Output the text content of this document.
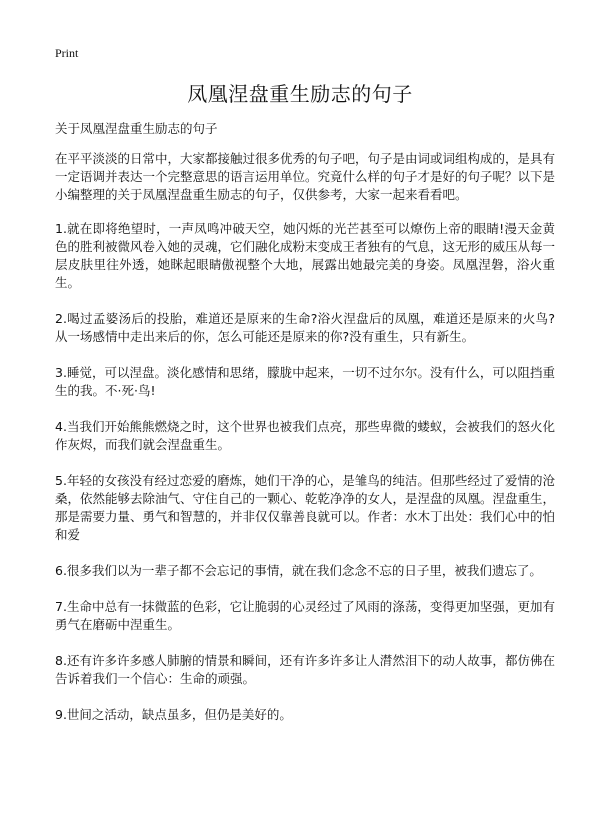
Print
凤凰涅盘重生励志的句子

关于凤凰涅盘重生励志的句子

在平平淡淡的日常中，大家都接触过很多优秀的句子吧，句子是由词或词组构成的，是具有一定语调并表达一个完整意思的语言运用单位。究竟什么样的句子才是好的句子呢？以下是小编整理的关于凤凰涅盘重生励志的句子，仅供参考，大家一起来看看吧。

1.就在即将绝望时，一声凤鸣冲破天空，她闪烁的光芒甚至可以燎伤上帝的眼睛!漫天金黄色的胜利被微风卷入她的灵魂，它们融化成粉末变成王者独有的气息，这无形的威压从每一层皮肤里往外透，她眯起眼睛傲视整个大地，展露出她最完美的身姿。凤凰涅磐，浴火重生。

2.喝过孟婆汤后的投胎，难道还是原来的生命?浴火涅盘后的凤凰，难道还是原来的火鸟?从一场感情中走出来后的你，怎么可能还是原来的你?没有重生，只有新生。

3.睡觉，可以涅盘。淡化感情和思绪，朦胧中起来，一切不过尔尔。没有什么，可以阻挡重生的我。不·死·鸟!

4.当我们开始熊熊燃烧之时，这个世界也被我们点亮，那些卑微的蝼蚁，会被我们的怒火化作灰烬，而我们就会涅盘重生。

5.年轻的女孩没有经过恋爱的磨炼，她们干净的心，是雏鸟的纯洁。但那些经过了爱情的沧桑，依然能够去除油气、守住自己的一颗心、乾乾净净的女人，是涅盘的凤凰。涅盘重生，那是需要力量、勇气和智慧的，并非仅仅靠善良就可以。作者：水木丁出处：我们心中的怕和爱

6.很多我们以为一辈子都不会忘记的事情，就在我们念念不忘的日子里，被我们遗忘了。

7.生命中总有一抹微蓝的色彩，它让脆弱的心灵经过了风雨的涤荡，变得更加坚强，更加有勇气在磨砺中涅重生。

8.还有许多许多感人肺腑的情景和瞬间，还有许多许多让人潸然泪下的动人故事，都仿佛在告诉着我们一个信心：生命的顽强。

9.世间之活动，缺点虽多，但仍是美好的。
